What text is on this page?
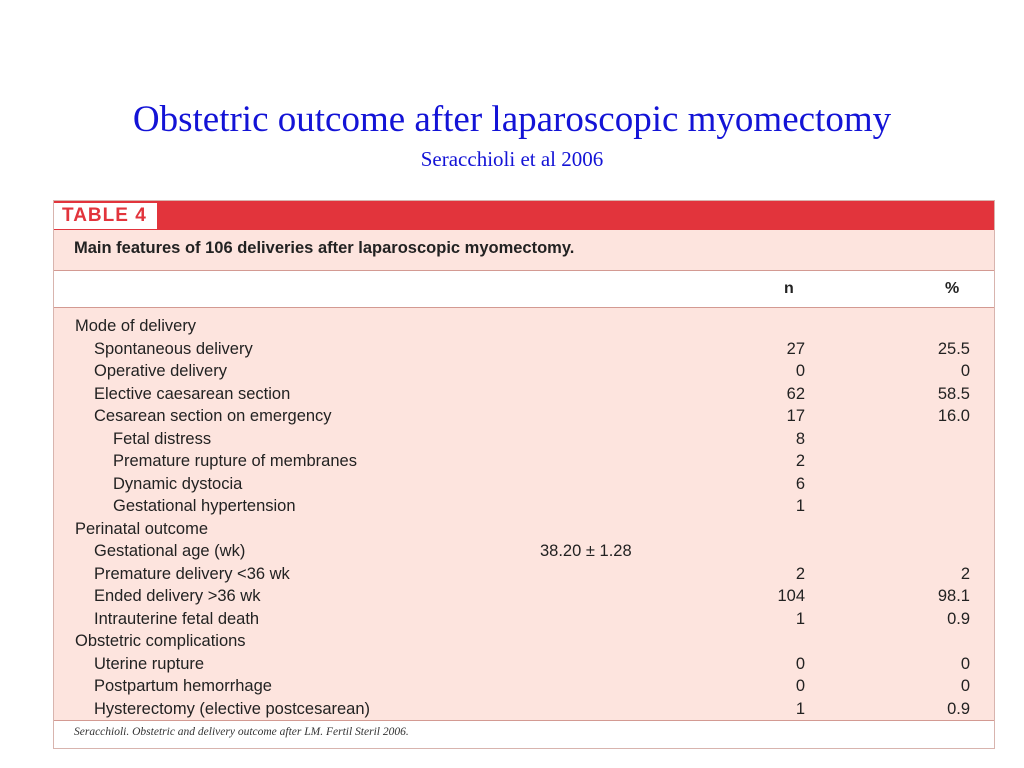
Obstetric outcome after laparoscopic myomectomy
Seracchioli et al 2006
TABLE 4
Main features of 106 deliveries after laparoscopic myomectomy.
n	%
Mode of delivery
Spontaneous delivery	27	25.5
Operative delivery	0	0
Elective caesarean section	62	58.5
Cesarean section on emergency	17	16.0
Fetal distress	8
Premature rupture of membranes	2
Dynamic dystocia	6
Gestational hypertension	1
Perinatal outcome
Gestational age (wk)	38.20 ± 1.28
Premature delivery <36 wk	2	2
Ended delivery >36 wk	104	98.1
Intrauterine fetal death	1	0.9
Obstetric complications
Uterine rupture	0	0
Postpartum hemorrhage	0	0
Hysterectomy (elective postcesarean)	1	0.9
Seracchioli. Obstetric and delivery outcome after LM. Fertil Steril 2006.
